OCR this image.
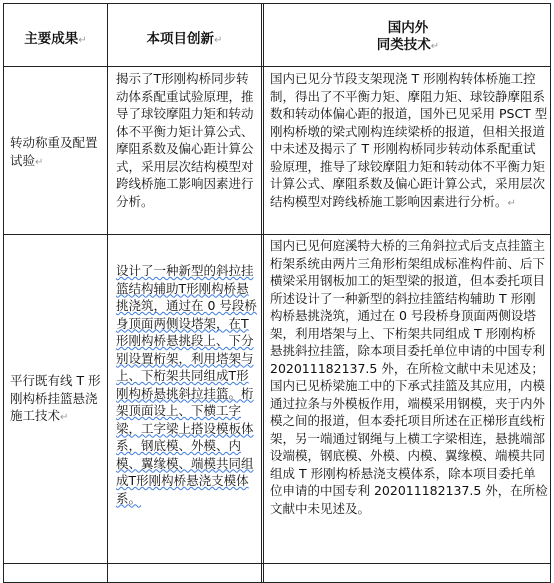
主要成果↵	本项目创新↵
国内外
同类技术↵
转动称重及配置试验↵
揭示了T形刚构桥同步转动体系配重试验原理，推导了球铰摩阻力矩和转动体不平衡力矩计算公式、摩阻系数及偏心距计算公式，采用层次结构模型对跨线桥施工影响因素进行分析。
国内已见分节段支架现浇 T 形刚构转体桥施工控制，得出了不平衡力矩、摩阻力矩、球铰静摩阻系数和转动体偏心距的报道，国外已见采用 PSCT 型刚构桥墩的梁式刚构连续梁桥的报道，但相关报道中未述及揭示了 T 形刚构桥同步转动体系配重试验原理，推导了球铰摩阻力矩和转动体不平衡力矩计算公式、摩阻系数及偏心距计算公式，采用层次结构模型对跨线桥施工影响因素进行分析。↵
平行既有线 T 形刚构桥挂篮悬浇施工技术↵
设计了一种新型的斜拉挂篮结构辅助T形刚构桥悬挑浇筑，通过在 0 号段桥身顶面两侧设塔架，在T形刚构桥悬挑段上、下分别设置桁架，利用塔架与上、下桁架共同组成T形刚构桥悬挑斜拉挂篮。桁架顶面设上、下横工字梁，工字梁上搭设模板体系，钢底模、外模、内模、翼缘模、端模共同组成T形刚构桥悬浇支模体系。
国内已见何庭溪特大桥的三角斜拉式后支点挂篮主桁架系统由两片三角形桁架组成标准构件前、后下横梁采用钢板加工的矩型梁的报道，但本委托项目所述设计了一种新型的斜拉挂篮结构辅助 T 形刚构桥悬挑浇筑，通过在 0 号段桥身顶面两侧设塔架，利用塔架与上、下桁架共同组成 T 形刚构桥悬挑斜拉挂篮，除本项目委托单位申请的中国专利202011182137.5 外，在所检文献中未见述及；国内已见桥梁施工中的下承式挂篮及其应用，内模通过拉条与外模板作用，端模采用钢模，夹于内外模之间的报道，但本委托项目所述在正梯形直线桁架，另一端通过钢绳与上横工字梁相连，悬挑端部设端模，钢底模、外模、内模、翼缘模、端模共同组成 T 形刚构桥悬浇支模体系，除本项目委托单位申请的中国专利 202011182137.5 外，在所检文献中未见述及。
